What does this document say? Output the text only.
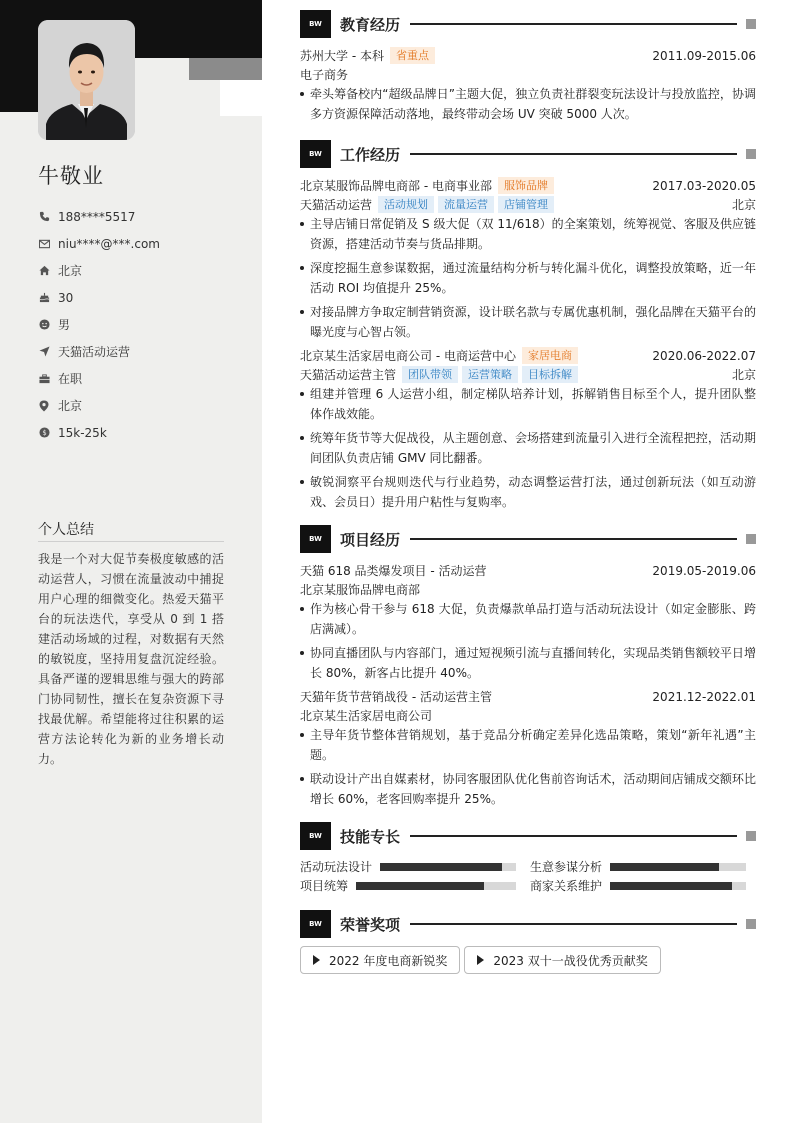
牛敬业
188****5517
niu****@***.com
北京
30
男
天猫活动运营
在职
北京
$ 15k-25k
个人总结
我是一个对大促节奏极度敏感的活动运营人，习惯在流量波动中捕捉用户心理的细微变化。热爱天猫平台的玩法迭代，享受从 0 到 1 搭建活动场域的过程，对数据有天然的敏锐度，坚持用复盘沉淀经验。具备严谨的逻辑思维与强大的跨部门协同韧性，擅长在复杂资源下寻找最优解。希望能将过往积累的运营方法论转化为新的业务增长动力。
BW	教育经历
苏州大学 - 本科	省重点	2011.09-2015.06
电子商务
牵头筹备校内“超级品牌日”主题大促，独立负责社群裂变玩法设计与投放监控，协调多方资源保障活动落地，最终带动会场 UV 突破 5000 人次。
BW	工作经历
北京某服饰品牌电商部 - 电商事业部	服饰品牌	2017.03-2020.05
天猫活动运营	活动规划	流量运营	店铺管理	北京
主导店铺日常促销及 S 级大促（双 11/618）的全案策划，统筹视觉、客服及供应链资源，搭建活动节奏与货品排期。
深度挖掘生意参谋数据，通过流量结构分析与转化漏斗优化，调整投放策略，近一年活动 ROI 均值提升 25%。
对接品牌方争取定制营销资源，设计联名款与专属优惠机制，强化品牌在天猫平台的曝光度与心智占领。
北京某生活家居电商公司 - 电商运营中心	家居电商	2020.06-2022.07
天猫活动运营主管	团队带领	运营策略	目标拆解	北京
组建并管理 6 人运营小组，制定梯队培养计划，拆解销售目标至个人，提升团队整体作战效能。
统筹年货节等大促战役，从主题创意、会场搭建到流量引入进行全流程把控，活动期间团队负责店铺 GMV 同比翻番。
敏锐洞察平台规则迭代与行业趋势，动态调整运营打法，通过创新玩法（如互动游戏、会员日）提升用户粘性与复购率。
BW	项目经历
天猫 618 品类爆发项目 - 活动运营	2019.05-2019.06
北京某服饰品牌电商部
作为核心骨干参与 618 大促，负责爆款单品打造与活动玩法设计（如定金膨胀、跨店满减）。
协同直播团队与内容部门，通过短视频引流与直播间转化，实现品类销售额较平日增长 80%，新客占比提升 40%。
天猫年货节营销战役 - 活动运营主管	2021.12-2022.01
北京某生活家居电商公司
主导年货节整体营销规划，基于竞品分析确定差异化选品策略，策划“新年礼遇”主题。
联动设计产出自媒素材，协同客服团队优化售前咨询话术，活动期间店铺成交额环比增长 60%，老客回购率提升 25%。
BW	技能专长
活动玩法设计	生意参谋分析
项目统筹	商家关系维护
BW	荣誉奖项
2022 年度电商新锐奖	2023 双十一战役优秀贡献奖
